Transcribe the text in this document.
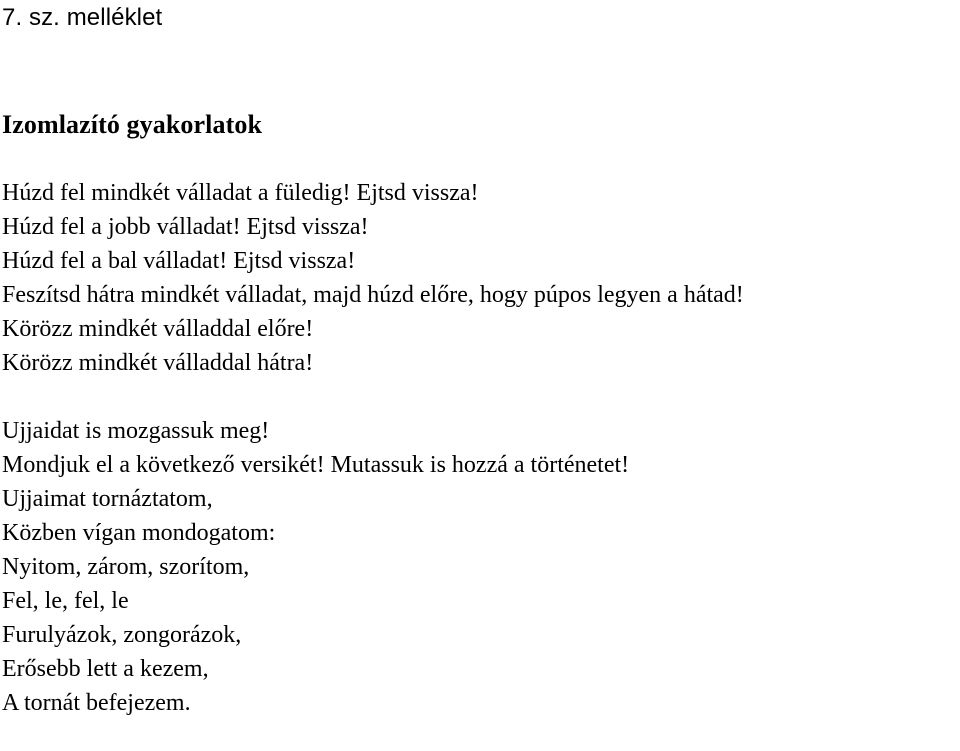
7. sz. melléklet
Izomlazító gyakorlatok
Húzd fel mindkét válladat a füledig! Ejtsd vissza!
Húzd fel a jobb válladat! Ejtsd vissza!
Húzd fel a bal válladat! Ejtsd vissza!
Feszítsd hátra mindkét válladat, majd húzd előre, hogy púpos legyen a hátad!
Körözz mindkét válladdal előre!
Körözz mindkét válladdal hátra!
Ujjaidat is mozgassuk meg!
Mondjuk el a következő versikét! Mutassuk is hozzá a történetet!
Ujjaimat tornáztatom,
Közben vígan mondogatom:
Nyitom, zárom, szorítom,
Fel, le, fel, le
Furulyázok, zongorázok,
Erősebb lett a kezem,
A tornát befejezem.
